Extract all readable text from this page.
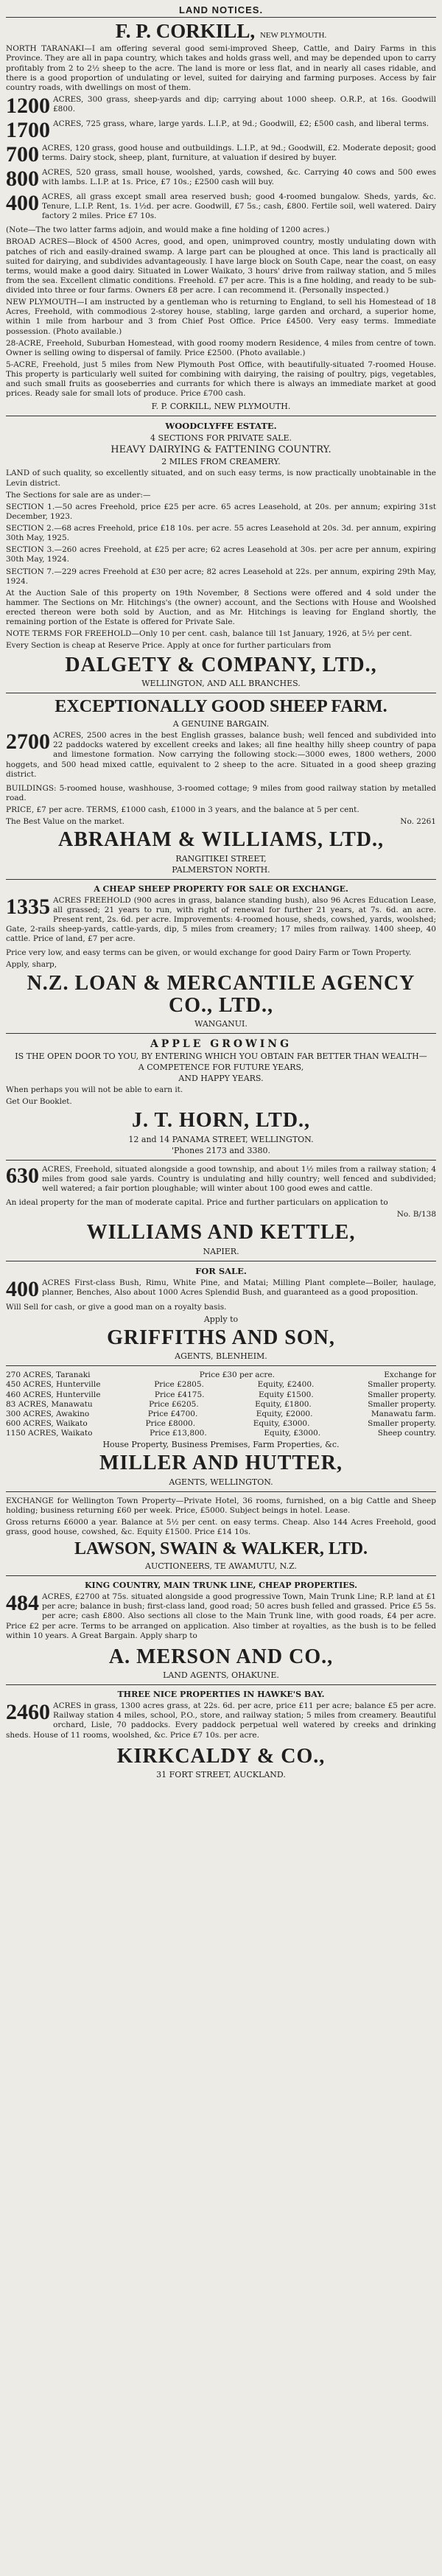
LAND NOTICES.
F. P. CORKILL, NEW PLYMOUTH.

NORTH TARANAKI—I am offering several good semi-improved Sheep, Cattle, and Dairy Farms in this Province. They are all in papa country, which takes and holds grass well, and may be depended upon to carry profitably from 2 to 2½ sheep to the acre. The land is more or less flat, and in nearly all cases ridable, and there is a good proportion of undulating or level, suited for dairying and farming purposes. Access by fair country roads, with dwellings on most of them.

1200 ACRES, 300 grass, sheep-yards and dip; carrying about 1000 sheep. O.R.P., at 16s. Goodwill £800.

1700 ACRES, 725 grass, whare, large yards. L.I.P., at 9d.; Goodwill, £2; £500 cash, and liberal terms.

700 ACRES, 120 grass, good house and outbuildings. L.I.P., at 9d.; Goodwill, £2. Moderate deposit; good terms. Dairy stock, sheep, plant, furniture, at valuation if desired by buyer.

800 ACRES, 520 grass, small house, woolshed, yards, cowshed, &c. Carrying 40 cows and 500 ewes with lambs. L.I.P. at 1s. Price, £7 10s.; £2500 cash will buy.

400 ACRES, all grass except small area reserved bush; good 4-roomed bungalow. Sheds, yards, &c. Tenure, L.I.P. Rent, 1s. 1½d. per acre. Goodwill, £7 5s.; cash, £800. Fertile soil, well watered. Dairy factory 2 miles. Price £7 10s.

(Note—The two latter farms adjoin, and would make a fine holding of 1200 acres.)

BROAD ACRES—Block of 4500 Acres, good, and open, unimproved country, mostly undulating down with patches of rich and easily-drained swamp. A large part can be ploughed at once. This land is practically all suited for dairying, and subdivides advantageously. I have large block on South Cape, near the coast, on easy terms, would make a good dairy. Situated in Lower Waikato, 3 hours' drive from railway station, and 5 miles from the sea. Excellent climatic conditions. Freehold. £7 per acre. This is a fine holding, and ready to be sub-divided into three or four farms. Owners £8 per acre. I can recommend it. (Personally inspected.)

NEW PLYMOUTH—I am instructed by a gentleman who is returning to England, to sell his Homestead of 18 Acres, Freehold, with commodious 2-storey house, stabling, large garden and orchard, a superior home, within 1 mile from harbour and 3 from Chief Post Office. Price £4500. Very easy terms. Immediate possession. (Photo available.)

28-ACRE, Freehold, Suburban Homestead, with good roomy modern Residence, 4 miles from centre of town. Owner is selling owing to dispersal of family. Price £2500. (Photo available.)

5-ACRE, Freehold, just 5 miles from New Plymouth Post Office, with beautifully-situated 7-roomed House. This property is particularly well suited for combining with dairying, the raising of poultry, pigs, vegetables, and such small fruits as gooseberries and currants for which there is always an immediate market at good prices. Ready sale for small lots of produce. Price £700 cash.

F. P. CORKILL, NEW PLYMOUTH.
WOODCLYFFE ESTATE.
4 SECTIONS FOR PRIVATE SALE.
HEAVY DAIRYING & FATTENING COUNTRY.
2 MILES FROM CREAMERY.

LAND of such quality, so excellently situated, and on such easy terms, is now practically unobtainable in the Levin district.

The Sections for sale are as under:—

SECTION 1.—50 acres Freehold, price £25 per acre. 65 acres Leasehold, at 20s. per annum; expiring 31st December, 1923.

SECTION 2.—68 acres Freehold, price £18 10s. per acre. 55 acres Leasehold at 20s. 3d. per annum, expiring 30th May, 1925.

SECTION 3.—260 acres Freehold, at £25 per acre; 62 acres Leasehold at 30s. per acre per annum, expiring 30th May, 1924.

SECTION 7.—229 acres Freehold at £30 per acre; 82 acres Leasehold at 22s. per annum, expiring 29th May, 1924.

At the Auction Sale of this property on 19th November, 8 Sections were offered and 4 sold under the hammer. The Sections on Mr. Hitchings's (the owner) account, and the Sections with House and Woolshed erected thereon were both sold by Auction, and as Mr. Hitchings is leaving for England shortly, the remaining portion of the Estate is offered for Private Sale.

NOTE TERMS FOR FREEHOLD—Only 10 per cent. cash, balance till 1st January, 1926, at 5½ per cent.

Every Section is cheap at Reserve Price. Apply at once for further particulars from

DALGETY & COMPANY, LTD.,
WELLINGTON, AND ALL BRANCHES.
EXCEPTIONALLY GOOD SHEEP FARM.
A GENUINE BARGAIN.
2700 ACRES, 2500 acres in the best English grasses, balance bush; well fenced and subdivided into 22 paddocks watered by excellent creeks and lakes; all fine healthy hilly sheep country of papa and limestone formation. Now carrying the following stock:—3000 ewes, 1800 wethers, 2000 hoggets, and 500 head mixed cattle, equivalent to 2 sheep to the acre. Situated in a good sheep grazing district.

BUILDINGS: 5-roomed house, washhouse, 3-roomed cottage; 9 miles from good railway station by metalled road.

PRICE, £7 per acre. TERMS, £1000 cash, £1000 in 3 years, and the balance at 5 per cent.

The Best Value on the market.	No. 2261
ABRAHAM & WILLIAMS, LTD.,
RANGITIKEI STREET,
PALMERSTON NORTH.
A CHEAP SHEEP PROPERTY FOR SALE OR EXCHANGE.
1335 ACRES FREEHOLD (900 acres in grass, balance standing bush), also 96 Acres Education Lease, all grassed; 21 years to run, with right of renewal for further 21 years, at 7s. 6d. an acre. Present rent, 2s. 6d. per acre. Improvements: 4-roomed house, sheds, cowshed, yards, woolshed; Gate, 2-rails sheep-yards, cattle-yards, dip, 5 miles from creamery; 17 miles from railway. 1400 sheep, 40 cattle. Price of land, £7 per acre.

Price very low, and easy terms can be given, or would exchange for good Dairy Farm or Town Property.

Apply, sharp,

N.Z. LOAN & MERCANTILE AGENCY CO., LTD.,
WANGANUI.
APPLE GROWING
IS THE OPEN DOOR TO YOU, BY ENTERING WHICH YOU OBTAIN FAR BETTER THAN WEALTH—
A COMPETENCE FOR FUTURE YEARS,
AND HAPPY YEARS.

When perhaps you will not be able to earn it.

Get Our Booklet.

J. T. HORN, LTD.,
12 and 14 PANAMA STREET, WELLINGTON.
'Phones 2173 and 3380.
630 ACRES, Freehold, situated alongside a good township, and about 1½ miles from a railway station; 4 miles from good sale yards. Country is undulating and hilly country; well fenced and subdivided; well watered; a fair portion ploughable; will winter about 100 good ewes and cattle.

An ideal property for the man of moderate capital. Price and further particulars on application to

No. B/138
WILLIAMS AND KETTLE,
NAPIER.
FOR SALE.
400 ACRES First-class Bush, Rimu, White Pine, and Matai; Milling Plant complete—Boiler, haulage, planner, Benches, Also about 1000 Acres Splendid Bush, and guaranteed as a good proposition.

Will Sell for cash, or give a good man on a royalty basis.

Apply to
GRIFFITHS AND SON,
AGENTS, BLENHEIM.
270 ACRES, Taranaki	Price £30 per acre.	Exchange for
450 ACRES, Hunterville	Price £2805.	Equity, £2400.	Smaller property.
460 ACRES, Hunterville	Price £4175.	Equity £1500.	Smaller property.
83 ACRES, Manawatu	Price £6205.	Equity, £1800.	Smaller property.
300 ACRES, Awakino	Price £4700.	Equity, £2000.	Manawatu farm.
600 ACRES, Waikato	Price £8000.	Equity, £3000.	Smaller property.
1150 ACRES, Waikato	Price £13,800.	Equity, £3000.	Sheep country.
House Property, Business Premises, Farm Properties, &c.
MILLER AND HUTTER,
AGENTS, WELLINGTON.

EXCHANGE for Wellington Town Property—Private Hotel, 36 rooms, furnished, on a big Cattle and Sheep holding; business returning £60 per week. Price, £5000. Subject beings in hotel. Lease.

Gross returns £6000 a year. Balance at 5½ per cent. on easy terms. Cheap. Also 144 Acres Freehold, good grass, good house, cowshed, &c. Equity £1500. Price £14 10s.

LAWSON, SWAIN & WALKER, LTD.
AUCTIONEERS, TE AWAMUTU, N.Z.
KING COUNTRY, MAIN TRUNK LINE, CHEAP PROPERTIES.
484 ACRES, £2700 at 75s. situated alongside a good progressive Town, Main Trunk Line; R.P. land at £1 per acre; balance in bush; first-class land, good road; 50 acres bush felled and grassed. Price £5 5s. per acre; cash £800. Also sections all close to the Main Trunk line, with good roads, £4 per acre. Price £2 per acre. Terms to be arranged on application. Also timber at royalties, as the bush is to be felled within 10 years. A Great Bargain. Apply sharp to

A. MERSON AND CO.,
LAND AGENTS, OHAKUNE.
THREE NICE PROPERTIES IN HAWKE'S BAY.
2460 ACRES in grass, 1300 acres grass, at 22s. 6d. per acre, price £11 per acre; balance £5 per acre. Railway station 4 miles, school, P.O., store, and railway station; 5 miles from creamery. Beautiful orchard, Lisle, 70 paddocks. Every paddock perpetual well watered by creeks and drinking sheds. House of 11 rooms, woolshed, &c. Price £7 10s. per acre.

KIRKCALDY & CO.,
31 FORT STREET, AUCKLAND.
